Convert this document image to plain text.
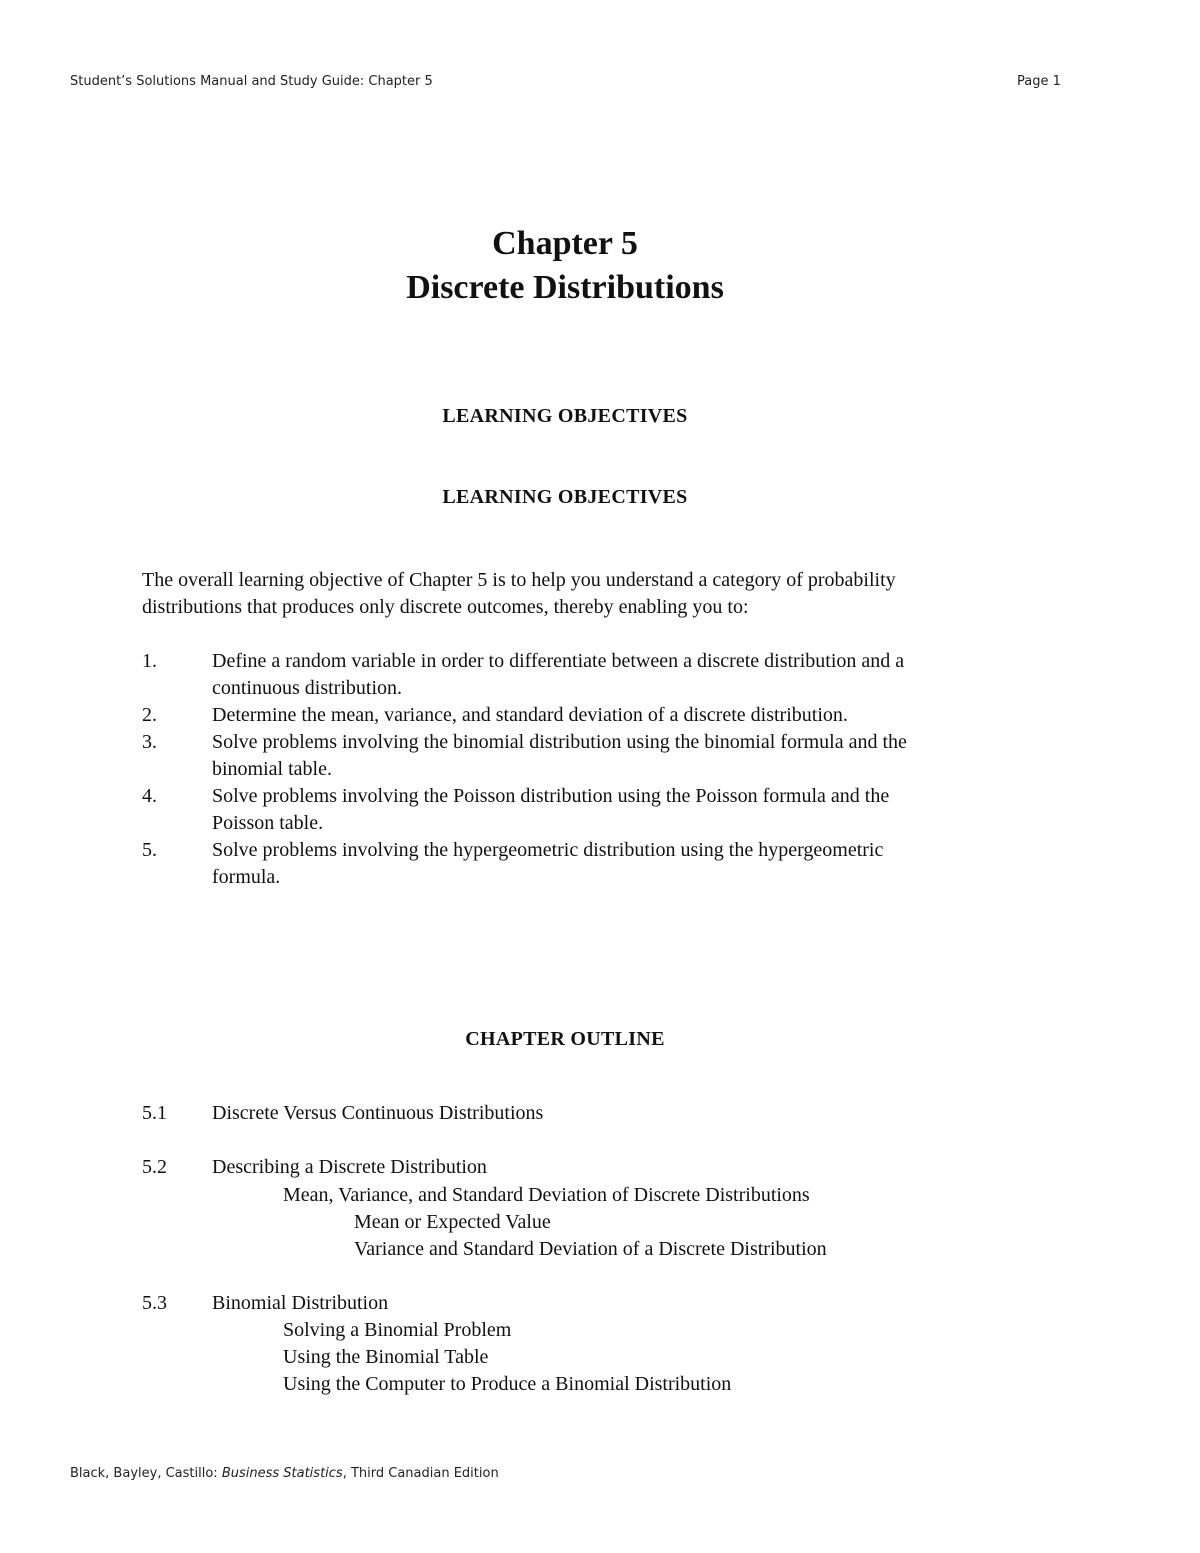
Student’s Solutions Manual and Study Guide: Chapter 5	Page 1
Chapter 5
Discrete Distributions
LEARNING OBJECTIVES
LEARNING OBJECTIVES
The overall learning objective of Chapter 5 is to help you understand a category of probability
distributions that produces only discrete outcomes, thereby enabling you to:
1.	Define a random variable in order to differentiate between a discrete distribution and a
continuous distribution.
2.	Determine the mean, variance, and standard deviation of a discrete distribution.
3.	Solve problems involving the binomial distribution using the binomial formula and the
binomial table.
4.	Solve problems involving the Poisson distribution using the Poisson formula and the
Poisson table.
5.	Solve problems involving the hypergeometric distribution using the hypergeometric
formula.
CHAPTER OUTLINE
5.1 Discrete Versus Continuous Distributions
5.2 Describing a Discrete Distribution
Mean, Variance, and Standard Deviation of Discrete Distributions
Mean or Expected Value
Variance and Standard Deviation of a Discrete Distribution
5.3 Binomial Distribution
Solving a Binomial Problem
Using the Binomial Table
Using the Computer to Produce a Binomial Distribution
Black, Bayley, Castillo: Business Statistics, Third Canadian Edition
